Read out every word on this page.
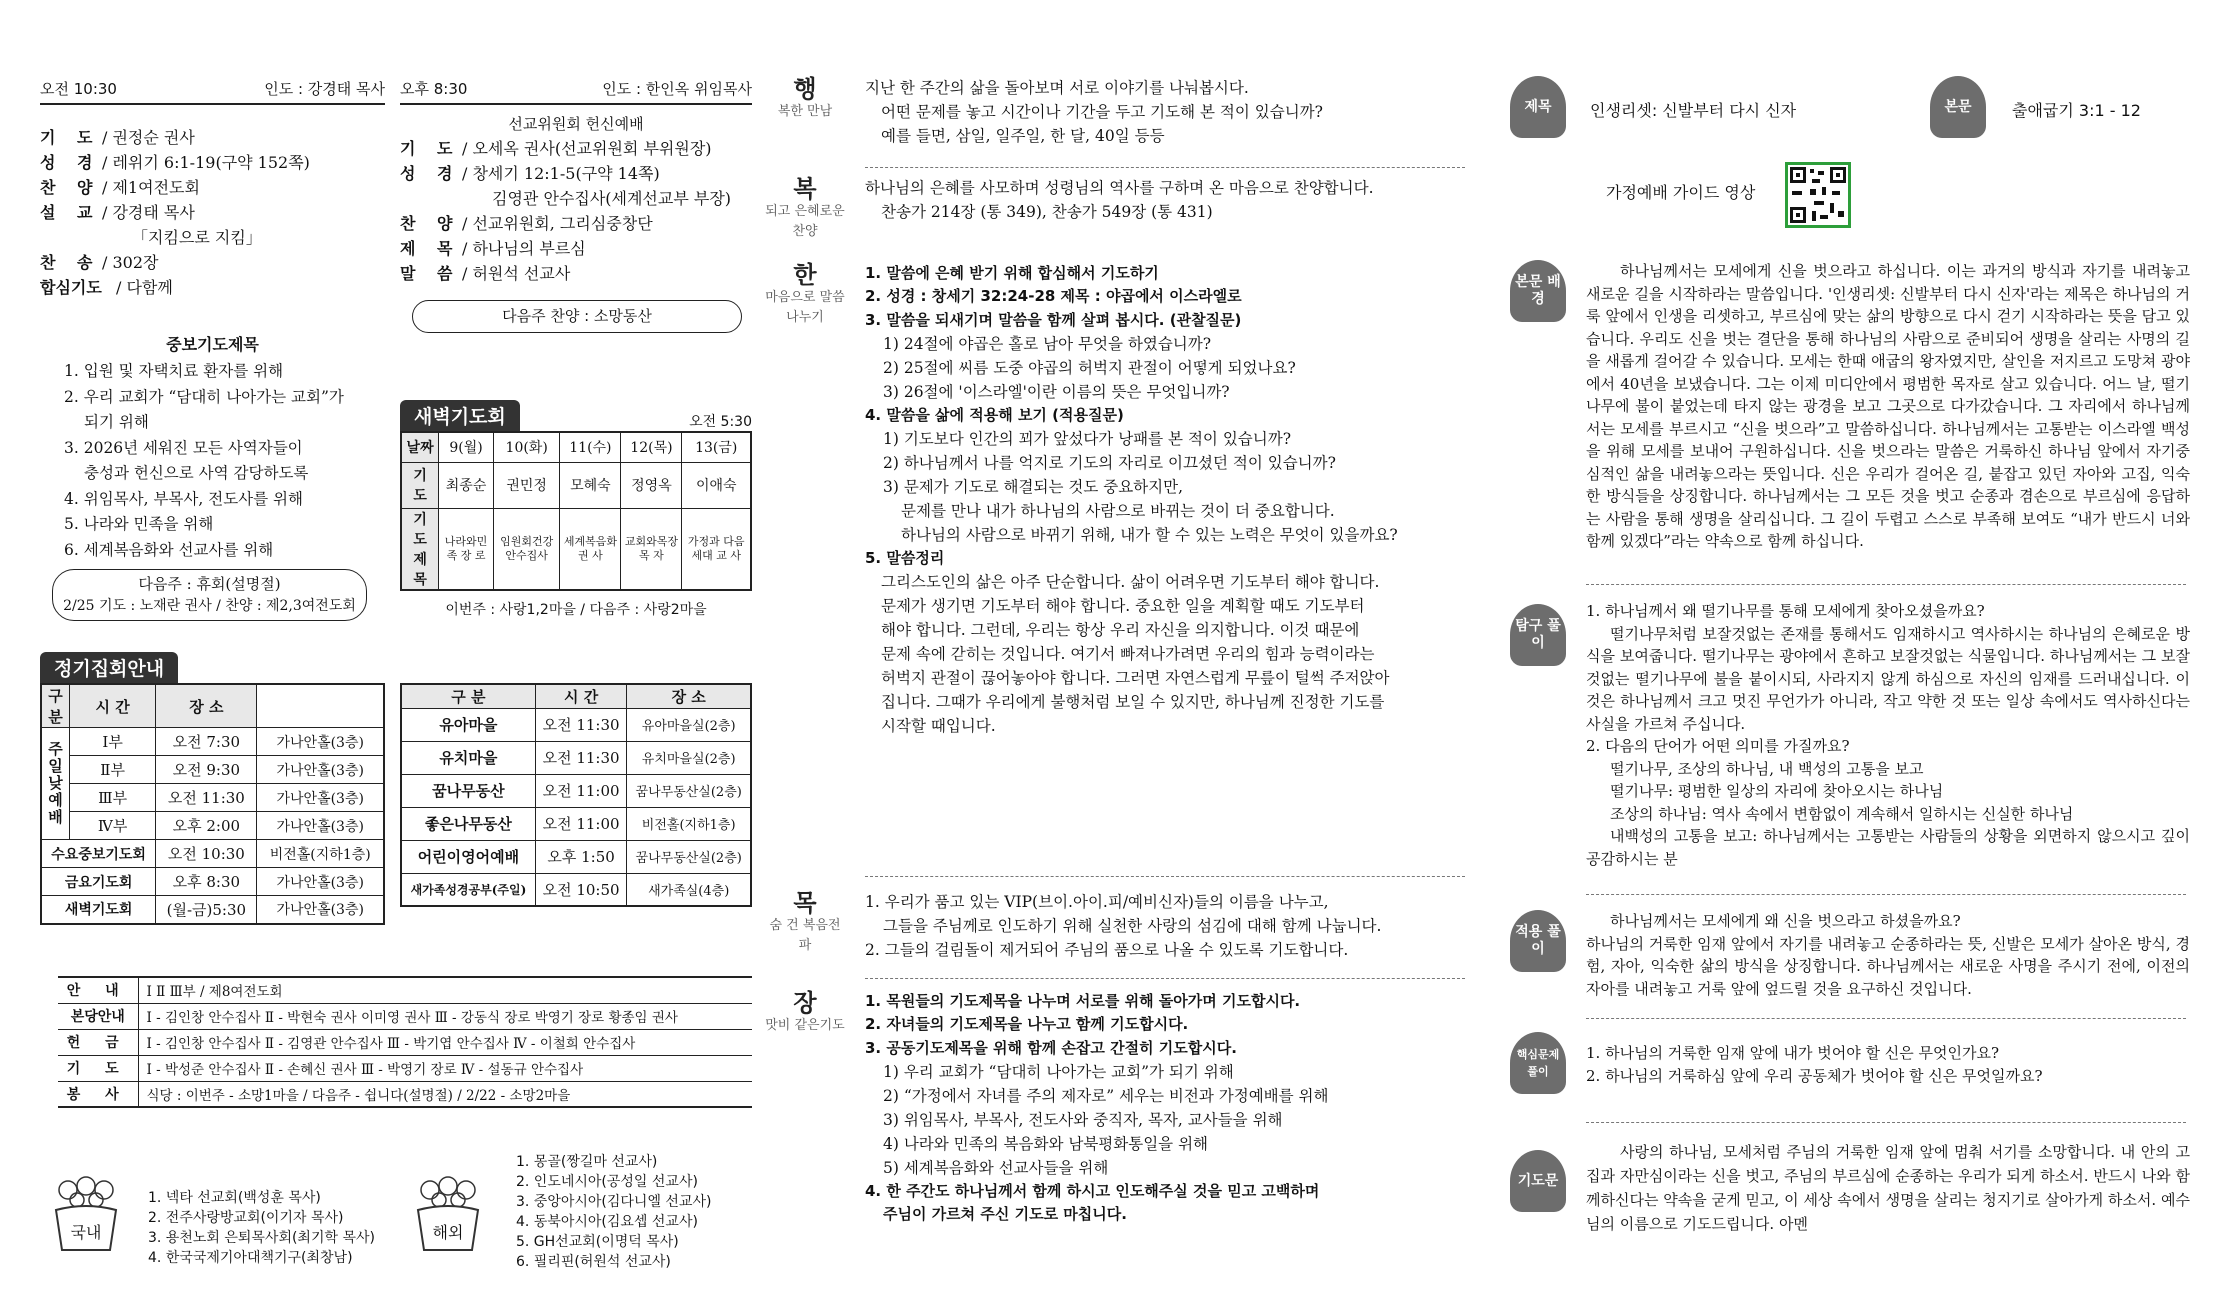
오전 10:30	인도 : 강경태 목사
기 도 / 권정순 권사
성 경 / 레위기 6:1-19(구약 152쪽)
찬 양 / 제1여전도회
설 교 / 강경태 목사
「지킴으로 지킴」
찬 송 / 302장
합심기도 / 다함께
오후 8:30	인도 : 한인옥 위임목사
선교위원회 헌신예배
기 도 / 오세옥 권사(선교위원회 부위원장)
성 경 / 창세기 12:1-5(구약 14쪽)
김영관 안수집사(세계선교부 부장)
찬 양 / 선교위원회, 그리심중창단
제 목 / 하나님의 부르심
말 씀 / 허원석 선교사
다음주 찬양 : 소망동산
중보기도제목
1. 입원 및 자택치료 환자를 위해
2. 우리 교회가 “담대히 나아가는 교회”가
되기 위해
3. 2026년 세워진 모든 사역자들이
충성과 헌신으로 사역 감당하도록
4. 위임목사, 부목사, 전도사를 위해
5. 나라와 민족을 위해
6. 세계복음화와 선교사를 위해
다음주 : 휴회(설명절)
2/25 기도 : 노재란 권사 / 찬양 : 제2,3여전도회
새벽기도회	오전 5:30
날짜	9(월)	10(화)	11(수)	12(목)	13(금)
기 도	최종순	권민정	모혜숙	정영옥	이애숙
기 도 제 목	나라와민족 장 로	임원회건강 안수집사	세계복음화 권 사	교회와목장 목 자	가정과 다음세대 교 사
이번주 : 사랑1,2마을 / 다음주 : 사랑2마을
정기집회안내
구 분	시 간	장 소	
주일낮예배	Ⅰ부	오전 7:30	가나안홀(3층)
	Ⅱ부	오전 9:30	가나안홀(3층)
	Ⅲ부	오전 11:30	가나안홀(3층)
	Ⅳ부	오후 2:00	가나안홀(3층)
수요중보기도회		오전 10:30	비전홀(지하1층)
금요기도회		오후 8:30	가나안홀(3층)
새벽기도회		(월-금)5:30	가나안홀(3층)
구 분	시 간	장 소
유아마을	오전 11:30	유아마을실(2층)
유치마을	오전 11:30	유치마을실(2층)
꿈나무동산	오전 11:00	꿈나무동산실(2층)
좋은나무동산	오전 11:00	비전홀(지하1층)
어린이영어예배	오후 1:50	꿈나무동산실(2층)
새가족성경공부(주일)	오전 10:50	새가족실(4층)
안 내	Ⅰ Ⅱ Ⅲ부 / 제8여전도회
본당안내	Ⅰ - 김인창 안수집사 Ⅱ - 박현숙 권사 이미영 권사 Ⅲ - 강동식 장로 박영기 장로 황종임 권사
헌 금	Ⅰ - 김인창 안수집사 Ⅱ - 김영관 안수집사 Ⅲ - 박기엽 안수집사 Ⅳ - 이철희 안수집사
기 도	Ⅰ - 박성준 안수집사 Ⅱ - 손혜신 권사 Ⅲ - 박영기 장로 Ⅳ - 설동규 안수집사
봉 사	식당 : 이번주 - 소망1마을 / 다음주 - 쉽니다(설명절) / 2/22 - 소망2마을
국내
1. 넥타 선교회(백성훈 목사)
2. 전주사랑방교회(이기자 목사)
3. 용천노회 은퇴목사회(최기학 목사)
4. 한국국제기아대책기구(최창남)
해외
1. 몽골(짱길마 선교사)
2. 인도네시아(공성일 선교사)
3. 중앙아시아(김다니엘 선교사)
4. 동북아시아(김요셉 선교사)
5. GH선교회(이명덕 목사)
6. 필리핀(허원석 선교사)
행
복한 만남
지난 한 주간의 삶을 돌아보며 서로 이야기를 나눠봅시다.
어떤 문제를 놓고 시간이나 기간을 두고 기도해 본 적이 있습니까?
예를 들면, 삼일, 일주일, 한 달, 40일 등등
복
되고 은혜로운 찬양
하나님의 은혜를 사모하며 성령님의 역사를 구하며 온 마음으로 찬양합니다.
찬송가 214장 (통 349), 찬송가 549장 (통 431)
한
마음으로 말씀 나누기
1. 말씀에 은혜 받기 위해 합심해서 기도하기
2. 성경 : 창세기 32:24-28 제목 : 야곱에서 이스라엘로
3. 말씀을 되새기며 말씀을 함께 살펴 봅시다. (관찰질문)
1) 24절에 야곱은 홀로 남아 무엇을 하였습니까?
2) 25절에 씨름 도중 야곱의 허벅지 관절이 어떻게 되었나요?
3) 26절에 '이스라엘'이란 이름의 뜻은 무엇입니까?
4. 말씀을 삶에 적용해 보기 (적용질문)
1) 기도보다 인간의 꾀가 앞섰다가 낭패를 본 적이 있습니까?
2) 하나님께서 나를 억지로 기도의 자리로 이끄셨던 적이 있습니까?
3) 문제가 기도로 해결되는 것도 중요하지만,
문제를 만나 내가 하나님의 사람으로 바뀌는 것이 더 중요합니다.
하나님의 사람으로 바뀌기 위해, 내가 할 수 있는 노력은 무엇이 있을까요?
5. 말씀정리
그리스도인의 삶은 아주 단순합니다. 삶이 어려우면 기도부터 해야 합니다.
문제가 생기면 기도부터 해야 합니다. 중요한 일을 계획할 때도 기도부터
해야 합니다. 그런데, 우리는 항상 우리 자신을 의지합니다. 이것 때문에
문제 속에 갇히는 것입니다. 여기서 빠져나가려면 우리의 힘과 능력이라는
허벅지 관절이 끊어놓아야 합니다. 그러면 자연스럽게 무릎이 털썩 주저앉아
집니다. 그때가 우리에게 불행처럼 보일 수 있지만, 하나님께 진정한 기도를
시작할 때입니다.
목
숨 건 복음전파
1. 우리가 품고 있는 VIP(브이.아이.피/예비신자)들의 이름을 나누고,
그들을 주님께로 인도하기 위해 실천한 사랑의 섬김에 대해 함께 나눕니다.
2. 그들의 걸림돌이 제거되어 주님의 품으로 나올 수 있도록 기도합니다.
장
맛비 같은기도
1. 목원들의 기도제목을 나누며 서로를 위해 돌아가며 기도합시다.
2. 자녀들의 기도제목을 나누고 함께 기도합시다.
3. 공동기도제목을 위해 함께 손잡고 간절히 기도합시다.
1) 우리 교회가 “담대히 나아가는 교회”가 되기 위해
2) “가정에서 자녀를 주의 제자로” 세우는 비전과 가정예배를 위해
3) 위임목사, 부목사, 전도사와 중직자, 목자, 교사들을 위해
4) 나라와 민족의 복음화와 남북평화통일을 위해
5) 세계복음화와 선교사들을 위해
4. 한 주간도 하나님께서 함께 하시고 인도해주실 것을 믿고 고백하며
주님이 가르쳐 주신 기도로 마칩니다.
제목	인생리셋: 신발부터 다시 신자	본문	출애굽기 3:1 - 12
가정예배 가이드 영상
본문 배경
하나님께서는 모세에게 신을 벗으라고 하십니다. 이는 과거의 방식과 자기를 내려놓고 새로운 길을 시작하라는 말씀입니다. '인생리셋: 신발부터 다시 신자'라는 제목은 하나님의 거룩 앞에서 인생을 리셋하고, 부르심에 맞는 삶의 방향으로 다시 걷기 시작하라는 뜻을 담고 있습니다. 우리도 신을 벗는 결단을 통해 하나님의 사람으로 준비되어 생명을 살리는 사명의 길을 새롭게 걸어갈 수 있습니다. 모세는 한때 애굽의 왕자였지만, 살인을 저지르고 도망쳐 광야에서 40년을 보냈습니다. 그는 이제 미디안에서 평범한 목자로 살고 있습니다. 어느 날, 떨기나무에 불이 붙었는데 타지 않는 광경을 보고 그곳으로 다가갔습니다. 그 자리에서 하나님께서는 모세를 부르시고 “신을 벗으라”고 말씀하십니다. 하나님께서는 고통받는 이스라엘 백성을 위해 모세를 보내어 구원하십니다. 신을 벗으라는 말씀은 거룩하신 하나님 앞에서 자기중심적인 삶을 내려놓으라는 뜻입니다. 신은 우리가 걸어온 길, 붙잡고 있던 자아와 고집, 익숙한 방식들을 상징합니다. 하나님께서는 그 모든 것을 벗고 순종과 겸손으로 부르심에 응답하는 사람을 통해 생명을 살리십니다. 그 길이 두렵고 스스로 부족해 보여도 “내가 반드시 너와 함께 있겠다”라는 약속으로 함께 하십니다.
탐구 풀이
1. 하나님께서 왜 떨기나무를 통해 모세에게 찾아오셨을까요?
떨기나무처럼 보잘것없는 존재를 통해서도 임재하시고 역사하시는 하나님의 은혜로운 방식을 보여줍니다. 떨기나무는 광야에서 흔하고 보잘것없는 식물입니다. 하나님께서는 그 보잘것없는 떨기나무에 불을 붙이시되, 사라지지 않게 하심으로 자신의 임재를 드러내십니다. 이것은 하나님께서 크고 멋진 무언가가 아니라, 작고 약한 것 또는 일상 속에서도 역사하신다는 사실을 가르쳐 주십니다.
2. 다음의 단어가 어떤 의미를 가질까요?
떨기나무, 조상의 하나님, 내 백성의 고통을 보고
떨기나무: 평범한 일상의 자리에 찾아오시는 하나님
조상의 하나님: 역사 속에서 변함없이 계속해서 일하시는 신실한 하나님
내백성의 고통을 보고: 하나님께서는 고통받는 사람들의 상황을 외면하지 않으시고 깊이 공감하시는 분
적용 풀이
하나님께서는 모세에게 왜 신을 벗으라고 하셨을까요?
하나님의 거룩한 임재 앞에서 자기를 내려놓고 순종하라는 뜻, 신발은 모세가 살아온 방식, 경험, 자아, 익숙한 삶의 방식을 상징합니다. 하나님께서는 새로운 사명을 주시기 전에, 이전의 자아를 내려놓고 거룩 앞에 엎드릴 것을 요구하신 것입니다.
핵심문제 풀이
1. 하나님의 거룩한 임재 앞에 내가 벗어야 할 신은 무엇인가요?
2. 하나님의 거룩하심 앞에 우리 공동체가 벗어야 할 신은 무엇일까요?
기도문
사랑의 하나님, 모세처럼 주님의 거룩한 임재 앞에 멈춰 서기를 소망합니다. 내 안의 고집과 자만심이라는 신을 벗고, 주님의 부르심에 순종하는 우리가 되게 하소서. 반드시 나와 함께하신다는 약속을 굳게 믿고, 이 세상 속에서 생명을 살리는 청지기로 살아가게 하소서. 예수님의 이름으로 기도드립니다. 아멘
